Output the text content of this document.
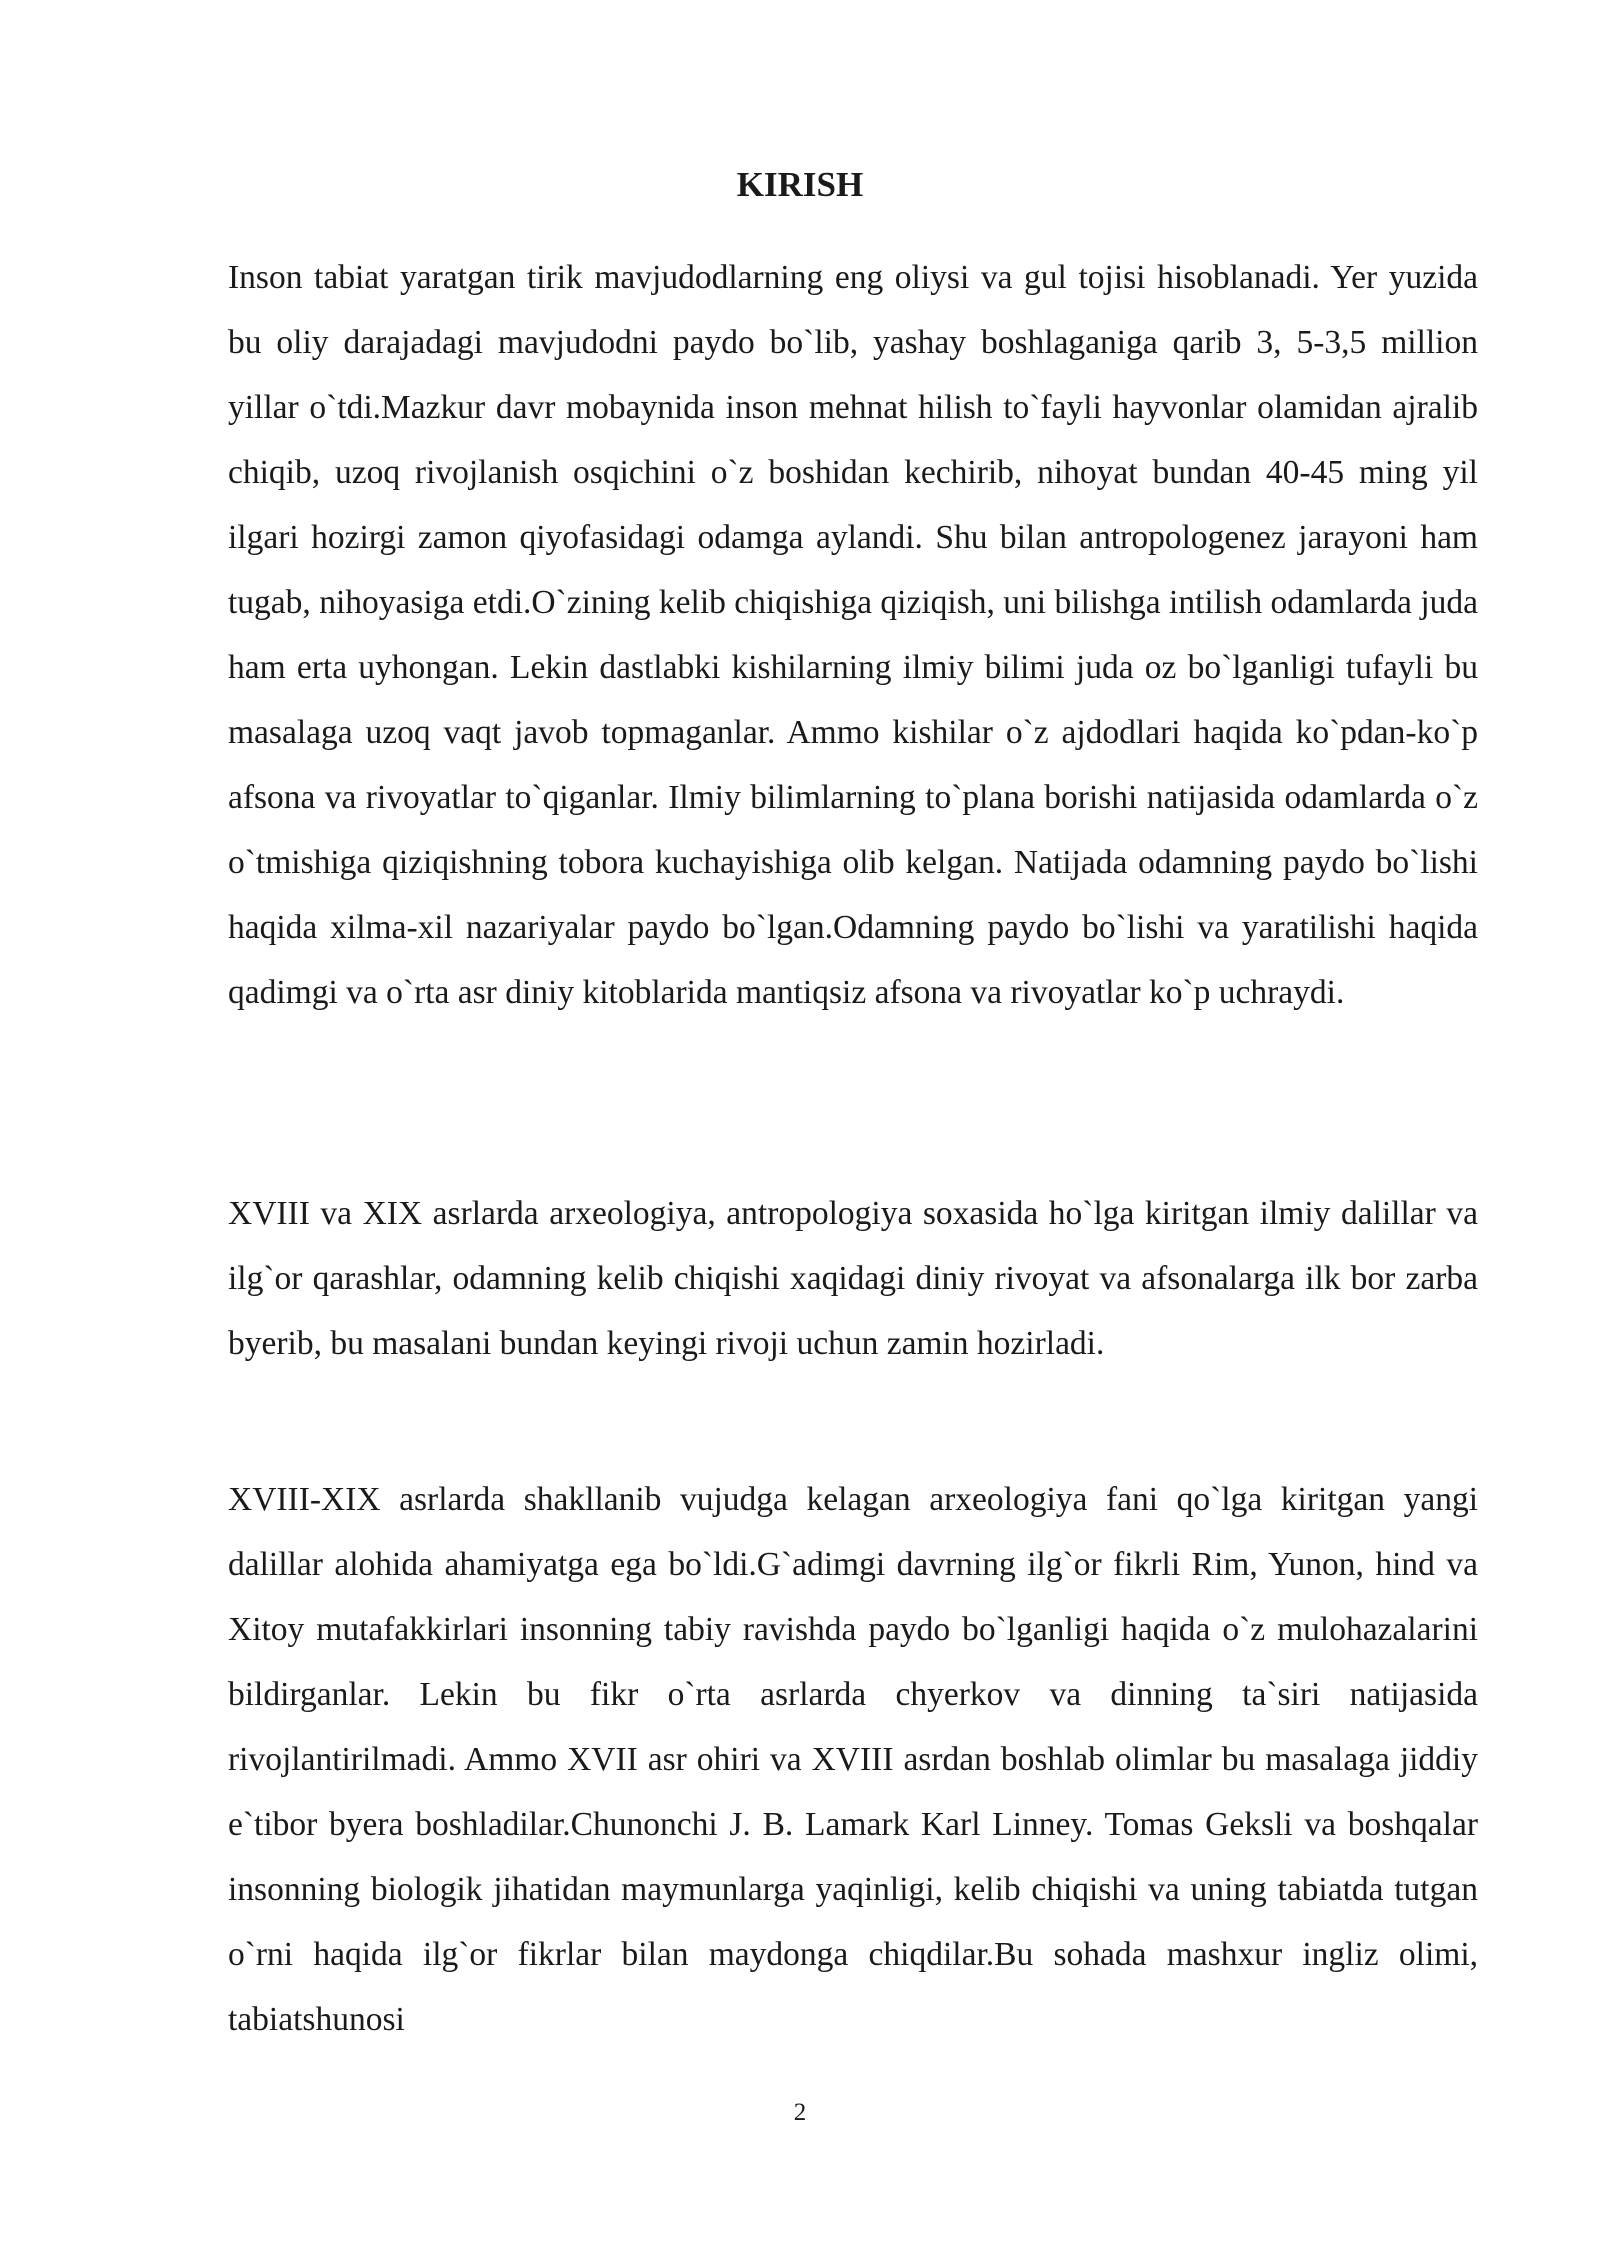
KIRISH

Inson tabiat yaratgan tirik mavjudodlarning eng oliysi va gul tojisi hisoblanadi. Yer yuzida bu oliy darajadagi mavjudodni paydo bo`lib, yashay boshlaganiga qarib 3, 5-3,5 million yillar o`tdi.Mazkur davr mobaynida inson mehnat hilish to`fayli hayvonlar olamidan ajralib chiqib, uzoq rivojlanish osqichini o`z boshidan kechirib, nihoyat bundan 40-45 ming yil ilgari hozirgi zamon qiyofasidagi odamga aylandi. Shu bilan antropologenez jarayoni ham tugab, nihoyasiga etdi.O`zining kelib chiqishiga qiziqish, uni bilishga intilish odamlarda juda ham erta uyhongan. Lekin dastlabki kishilarning ilmiy bilimi juda oz bo`lganligi tufayli bu masalaga uzoq vaqt javob topmaganlar. Ammo kishilar o`z ajdodlari haqida ko`pdan-ko`p afsona va rivoyatlar to`qiganlar. Ilmiy bilimlarning to`plana borishi natijasida odamlarda o`z o`tmishiga qiziqishning tobora kuchayishiga olib kelgan. Natijada odamning paydo bo`lishi haqida xilma-xil nazariyalar paydo bo`lgan.Odamning paydo bo`lishi va yaratilishi haqida qadimgi va o`rta asr diniy kitoblarida mantiqsiz afsona va rivoyatlar ko`p uchraydi.

XVIII va XIX asrlarda arxeologiya, antropologiya soxasida ho`lga kiritgan ilmiy dalillar va ilg`or qarashlar, odamning kelib chiqishi xaqidagi diniy rivoyat va afsonalarga ilk bor zarba byerib, bu masalani bundan keyingi rivoji uchun zamin hozirladi.

XVIII-XIX asrlarda shakllanib vujudga kelagan arxeologiya fani qo`lga kiritgan yangi dalillar alohida ahamiyatga ega bo`ldi.G`adimgi davrning ilg`or fikrli Rim, Yunon, hind va Xitoy mutafakkirlari insonning tabiy ravishda paydo bo`lganligi haqida o`z mulohazalarini bildirganlar. Lekin bu fikr o`rta asrlarda chyerkov va dinning ta`siri natijasida rivojlantirilmadi. Ammo XVII asr ohiri va XVIII asrdan boshlab olimlar bu masalaga jiddiy e`tibor byera boshladilar.Chunonchi J. B. Lamark Karl Linney. Tomas Geksli va boshqalar insonning biologik jihatidan maymunlarga yaqinligi, kelib chiqishi va uning tabiatda tutgan o`rni haqida ilg`or fikrlar bilan maydonga chiqdilar.Bu sohada mashxur ingliz olimi, tabiatshunosi

2
